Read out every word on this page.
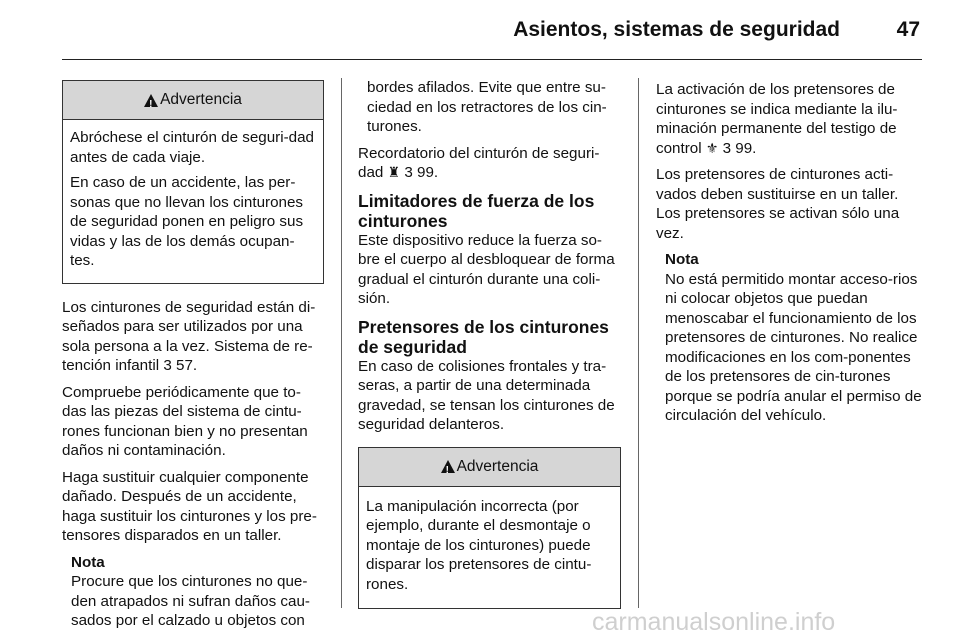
Asientos, sistemas de seguridad	47
!
Advertencia

Abróchese el cinturón de seguri-dad antes de cada viaje.

En caso de un accidente, las per-sonas que no llevan los cinturones de seguridad ponen en peligro sus vidas y las de los demás ocupan-tes.

Los cinturones de seguridad están di-señados para ser utilizados por una sola persona a la vez. Sistema de re-tención infantil 3 57.

Compruebe periódicamente que to-das las piezas del sistema de cintu-rones funcionan bien y no presentan daños ni contaminación.

Haga sustituir cualquier componente dañado. Después de un accidente, haga sustituir los cinturones y los pre-tensores disparados en un taller.

Nota
Procure que los cinturones no que-den atrapados ni sufran daños cau-sados por el calzado u objetos con

bordes afilados. Evite que entre su-ciedad en los retractores de los cin-turones.

Recordatorio del cinturón de seguri-dad ♜ 3 99.

Limitadores de fuerza de los cinturones

Este dispositivo reduce la fuerza so-bre el cuerpo al desbloquear de forma gradual el cinturón durante una coli-sión.

Pretensores de los cinturones de seguridad

En caso de colisiones frontales y tra-seras, a partir de una determinada gravedad, se tensan los cinturones de seguridad delanteros.

!
Advertencia

La manipulación incorrecta (por ejemplo, durante el desmontaje o montaje de los cinturones) puede disparar los pretensores de cintu-rones.

La activación de los pretensores de cinturones se indica mediante la ilu-minación permanente del testigo de control ⚜ 3 99.

Los pretensores de cinturones acti-vados deben sustituirse en un taller. Los pretensores se activan sólo una vez.

Nota
No está permitido montar acceso-rios ni colocar objetos que puedan menoscabar el funcionamiento de los pretensores de cinturones. No realice modificaciones en los com-ponentes de los pretensores de cin-turones porque se podría anular el permiso de circulación del vehículo.
carmanualsonline.info
